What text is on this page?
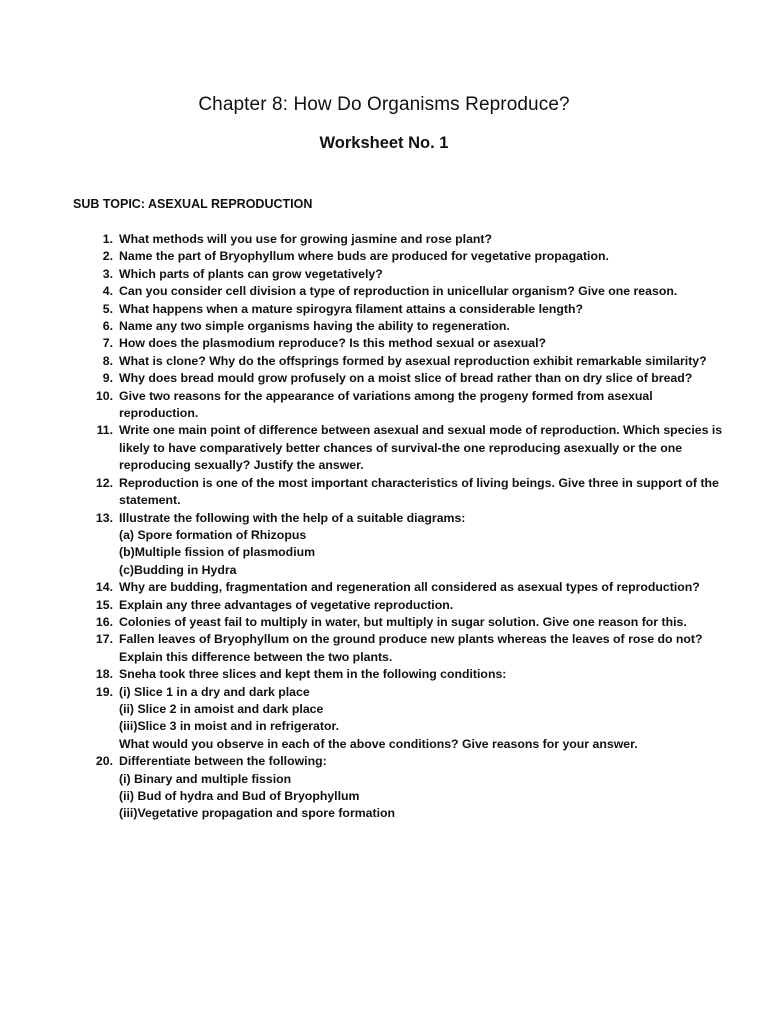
Chapter 8: How Do Organisms Reproduce?
Worksheet No. 1
SUB TOPIC: ASEXUAL REPRODUCTION
1. What methods will you use for growing jasmine and rose plant?
2. Name the part of Bryophyllum where buds are produced for vegetative propagation.
3. Which parts of plants can grow vegetatively?
4. Can you consider cell division a type of reproduction in unicellular organism? Give one reason.
5. What happens when a mature spirogyra filament attains a considerable length?
6. Name any two simple organisms having the ability to regeneration.
7. How does the plasmodium reproduce? Is this method sexual or asexual?
8. What is clone? Why do the offsprings formed by asexual reproduction exhibit remarkable similarity?
9. Why does bread mould grow profusely on a moist slice of bread rather than on dry slice of bread?
10. Give two reasons for the appearance of variations among the progeny formed from asexual
reproduction.
11. Write one main point of difference between asexual and sexual mode of reproduction. Which species is
likely to have comparatively better chances of survival-the one reproducing asexually or the one
reproducing sexually? Justify the answer.
12. Reproduction is one of the most important characteristics of living beings. Give three in support of the
statement.
13. Illustrate the following with the help of a suitable diagrams:
(a) Spore formation of Rhizopus
(b)Multiple fission of plasmodium
(c)Budding in Hydra
14. Why are budding, fragmentation and regeneration all considered as asexual types of reproduction?
15. Explain any three advantages of vegetative reproduction.
16. Colonies of yeast fail to multiply in water, but multiply in sugar solution. Give one reason for this.
17. Fallen leaves of Bryophyllum on the ground produce new plants whereas the leaves of rose do not?
Explain this difference between the two plants.
18. Sneha took three slices and kept them in the following conditions:
19. (i) Slice 1 in a dry and dark place
(ii) Slice 2 in amoist and dark place
(iii)Slice 3 in moist and in refrigerator.
What would you observe in each of the above conditions? Give reasons for your answer.
20. Differentiate between the following:
(i) Binary and multiple fission
(ii) Bud of hydra and Bud of Bryophyllum
(iii)Vegetative propagation and spore formation
